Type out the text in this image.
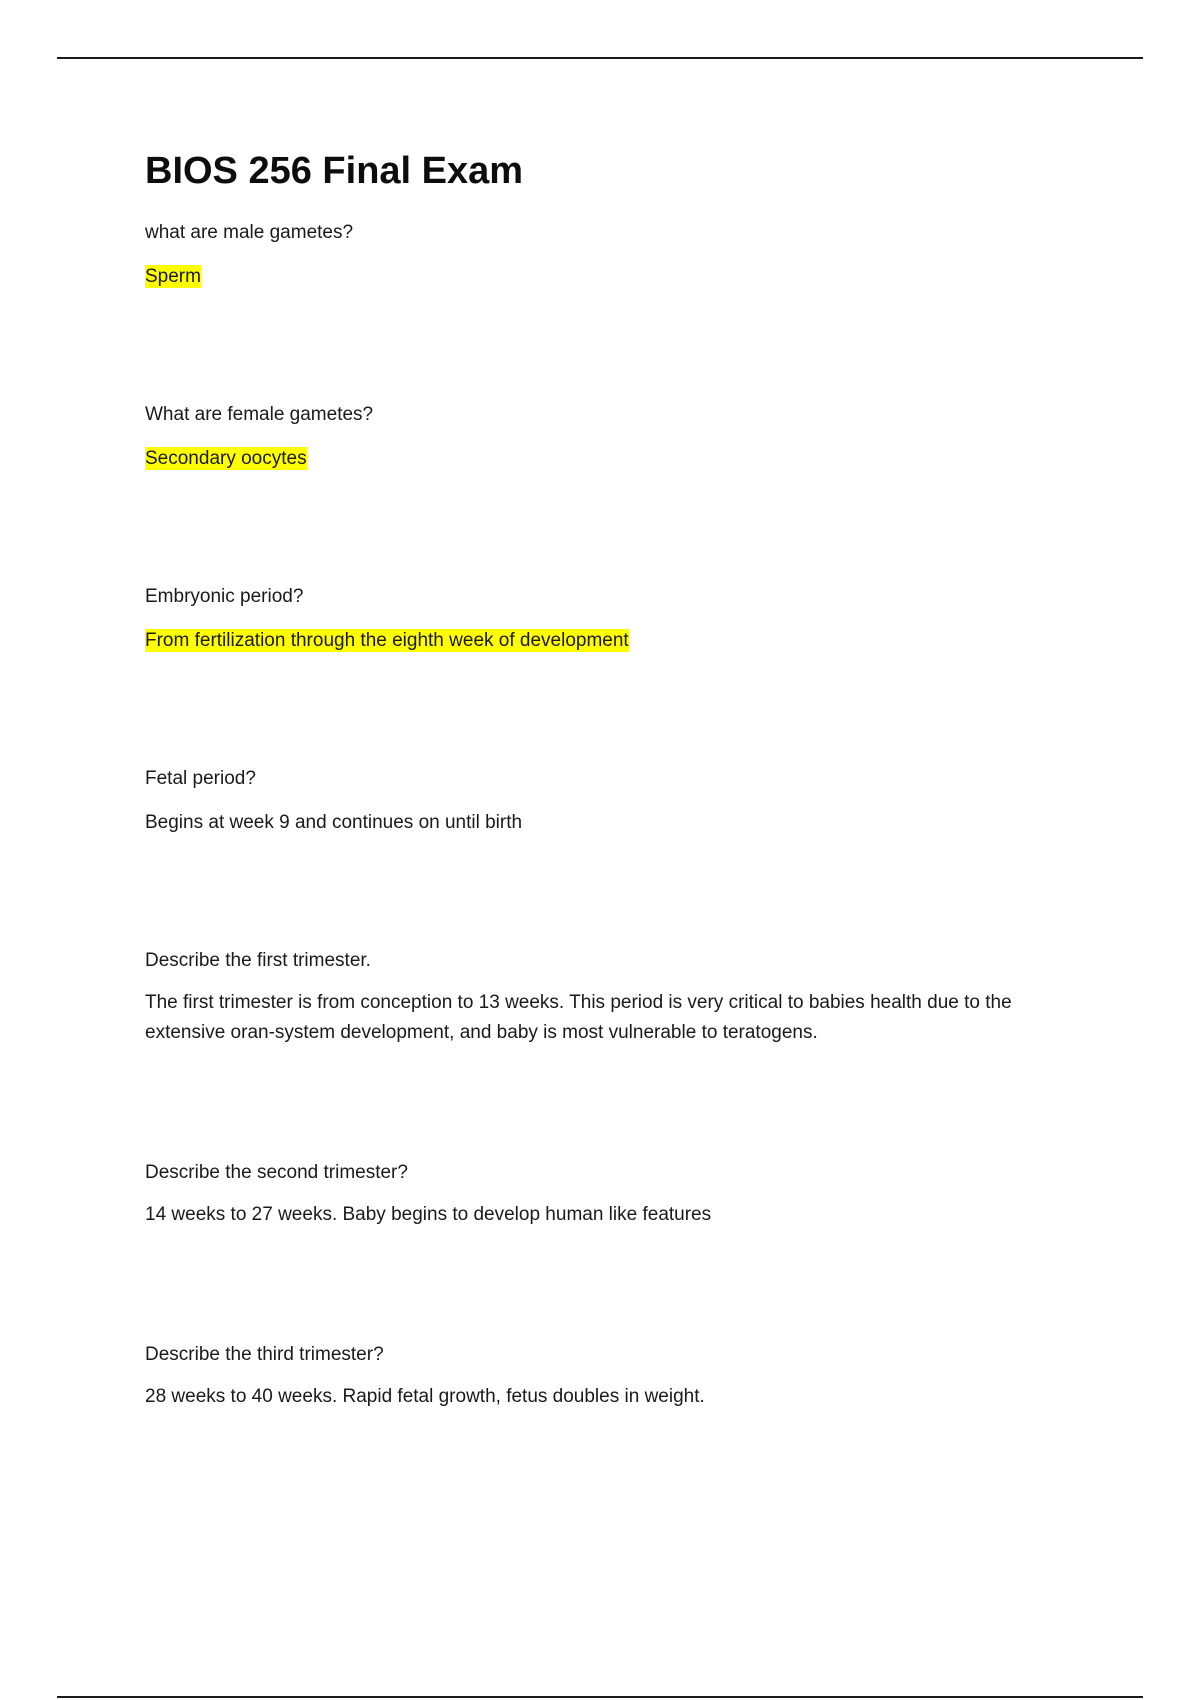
BIOS 256 Final Exam

what are male gametes?

Sperm

What are female gametes?

Secondary oocytes

Embryonic period?

From fertilization through the eighth week of development

Fetal period?

Begins at week 9 and continues on until birth

Describe the first trimester.

The first trimester is from conception to 13 weeks. This period is very critical to babies health due to the extensive oran-system development, and baby is most vulnerable to teratogens.

Describe the second trimester?

14 weeks to 27 weeks. Baby begins to develop human like features

Describe the third trimester?

28 weeks to 40 weeks. Rapid fetal growth, fetus doubles in weight.
